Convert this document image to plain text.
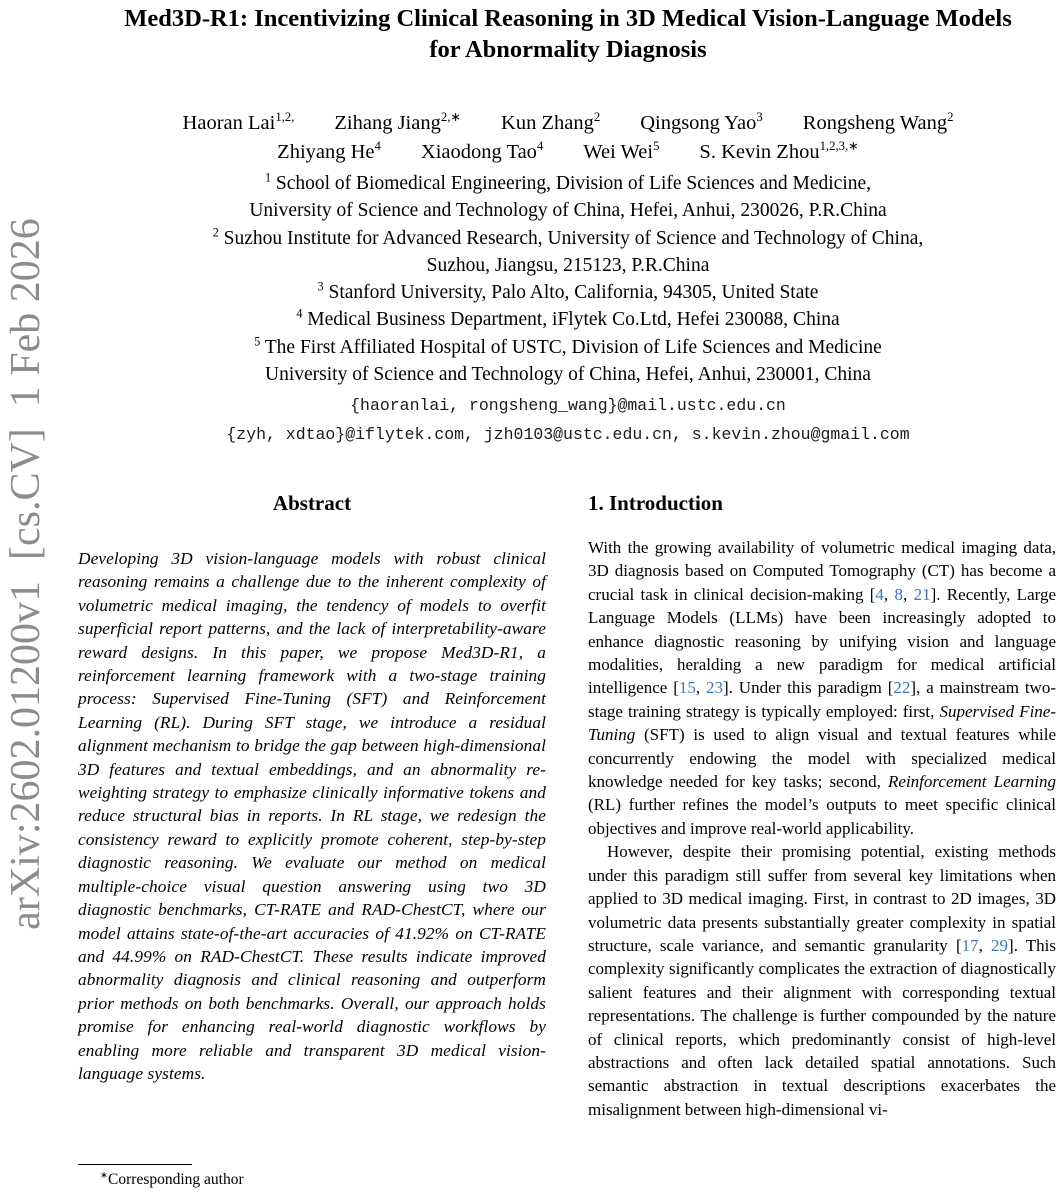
arXiv:2602.01200v1  [cs.CV]  1 Feb 2026
Med3D-R1: Incentivizing Clinical Reasoning in 3D Medical Vision-Language Models for Abnormality Diagnosis
Haoran Lai$^{1,2,}$ Zihang Jiang$^{2,∗}$ Kun Zhang$^2$ Qingsong Yao$^3$ Rongsheng Wang$^2$
Zhiyang He$^4$ Xiaodong Tao$^4$ Wei Wei$^5$ S. Kevin Zhou$^{1,2,3,∗}$
$^1$ School of Biomedical Engineering, Division of Life Sciences and Medicine,
University of Science and Technology of China, Hefei, Anhui, 230026, P.R.China
$^2$ Suzhou Institute for Advanced Research, University of Science and Technology of China,
Suzhou, Jiangsu, 215123, P.R.China
$^3$ Stanford University, Palo Alto, California, 94305, United State
$^4$ Medical Business Department, iFlytek Co.Ltd, Hefei 230088, China
$^5$ The First Affiliated Hospital of USTC, Division of Life Sciences and Medicine
University of Science and Technology of China, Hefei, Anhui, 230001, China
{haoranlai, rongsheng_wang}@mail.ustc.edu.cn
{zyh, xdtao}@iflytek.com, jzh0103@ustc.edu.cn, s.kevin.zhou@gmail.com
Abstract

Developing 3D vision-language models with robust clinical reasoning remains a challenge due to the inherent complexity of volumetric medical imaging, the tendency of models to overfit superficial report patterns, and the lack of interpretability-aware reward designs. In this paper, we propose Med3D-R1, a reinforcement learning framework with a two-stage training process: Supervised Fine-Tuning (SFT) and Reinforcement Learning (RL). During SFT stage, we introduce a residual alignment mechanism to bridge the gap between high-dimensional 3D features and textual embeddings, and an abnormality re-weighting strategy to emphasize clinically informative tokens and reduce structural bias in reports. In RL stage, we redesign the consistency reward to explicitly promote coherent, step-by-step diagnostic reasoning. We evaluate our method on medical multiple-choice visual question answering using two 3D diagnostic benchmarks, CT-RATE and RAD-ChestCT, where our model attains state-of-the-art accuracies of 41.92% on CT-RATE and 44.99% on RAD-ChestCT. These results indicate improved abnormality diagnosis and clinical reasoning and outperform prior methods on both benchmarks. Overall, our approach holds promise for enhancing real-world diagnostic workflows by enabling more reliable and transparent 3D medical vision-language systems.

1. Introduction

With the growing availability of volumetric medical imaging data, 3D diagnosis based on Computed Tomography (CT) has become a crucial task in clinical decision-making [4, 8, 21]. Recently, Large Language Models (LLMs) have been increasingly adopted to enhance diagnostic reasoning by unifying vision and language modalities, heralding a new paradigm for medical artificial intelligence [15, 23]. Under this paradigm [22], a mainstream two-stage training strategy is typically employed: first, Supervised Fine-Tuning (SFT) is used to align visual and textual features while concurrently endowing the model with specialized medical knowledge needed for key tasks; second, Reinforcement Learning (RL) further refines the model’s outputs to meet specific clinical objectives and improve real-world applicability.

However, despite their promising potential, existing methods under this paradigm still suffer from several key limitations when applied to 3D medical imaging. First, in contrast to 2D images, 3D volumetric data presents substantially greater complexity in spatial structure, scale variance, and semantic granularity [17, 29]. This complexity significantly complicates the extraction of diagnostically salient features and their alignment with corresponding textual representations. The challenge is further compounded by the nature of clinical reports, which predominantly consist of high-level abstractions and often lack detailed spatial annotations. Such semantic abstraction in textual descriptions exacerbates the misalignment between high-dimensional vi-

∗Corresponding author
